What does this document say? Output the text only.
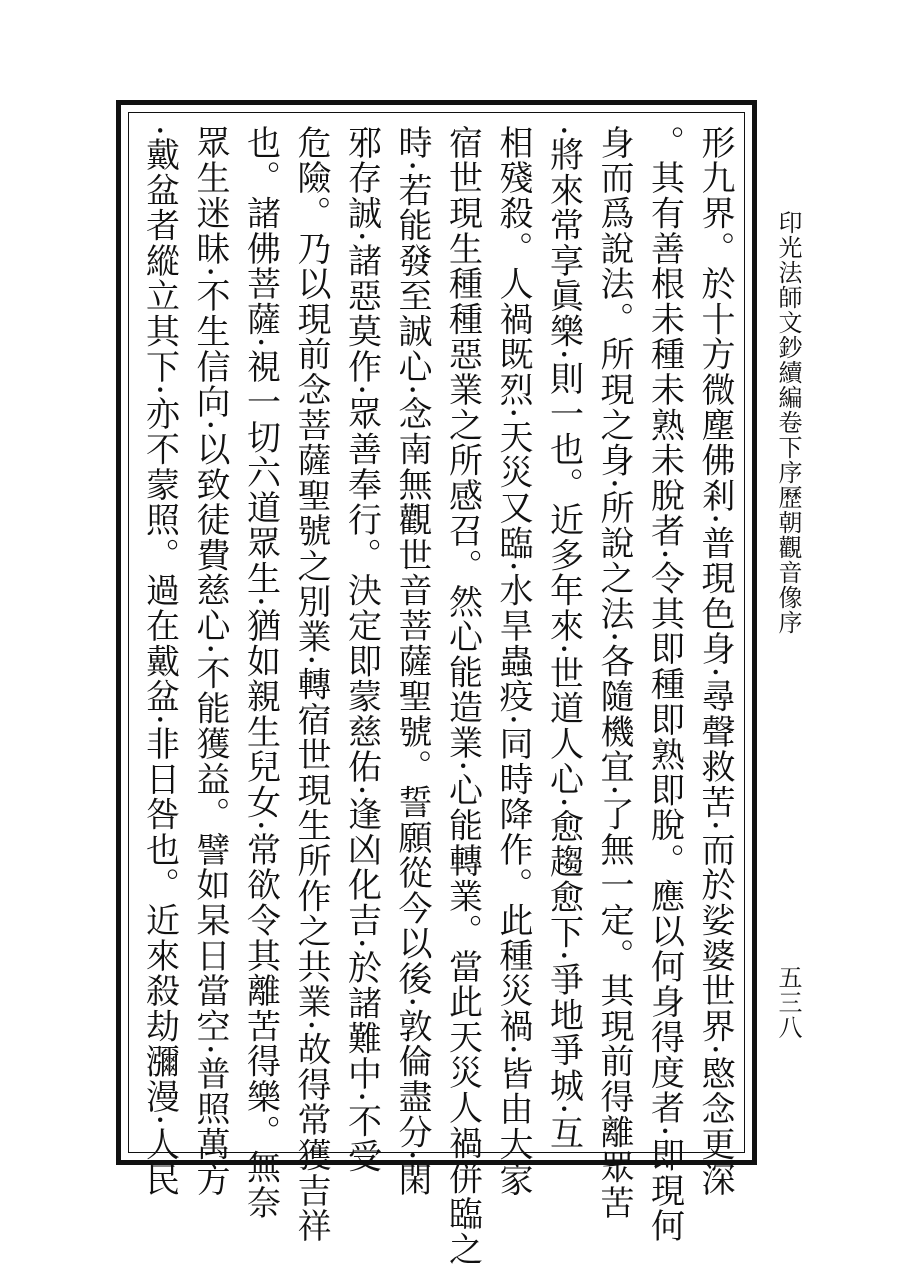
印光法師文鈔續編卷下序歷朝觀音像序
五三八
形九界。於十方微塵佛剎·普現色身·尋聲救苦·而於娑婆世界·愍念更深
。其有善根未種未熟未脫者·令其即種即熟即脫。應以何身得度者·即現何
身而爲說法。所現之身·所說之法·各隨機宜·了無一定。其現前得離眾苦
·將來常享眞樂·則一也。近多年來·世道人心·愈趨愈下·爭地爭城·互
相殘殺。人禍既烈·天災又臨·水旱蟲疫·同時降作。此種災禍·皆由大家
宿世現生種種惡業之所感召。然心能造業·心能轉業。當此天災人禍併臨之
時·若能發至誠心·念南無觀世音菩薩聖號。誓願從今以後·敦倫盡分·閑
邪存誠·諸惡莫作·眾善奉行。決定即蒙慈佑·逢凶化吉·於諸難中·不受
危險。乃以現前念菩薩聖號之別業·轉宿世現生所作之共業·故得常獲吉祥
也。諸佛菩薩·視一切六道眾生·猶如親生兒女·常欲令其離苦得樂。無奈
眾生迷昧·不生信向·以致徒費慈心·不能獲益。譬如杲日當空·普照萬方
·戴盆者縱立其下·亦不蒙照。過在戴盆·非日咎也。近來殺劫瀰漫·人民
